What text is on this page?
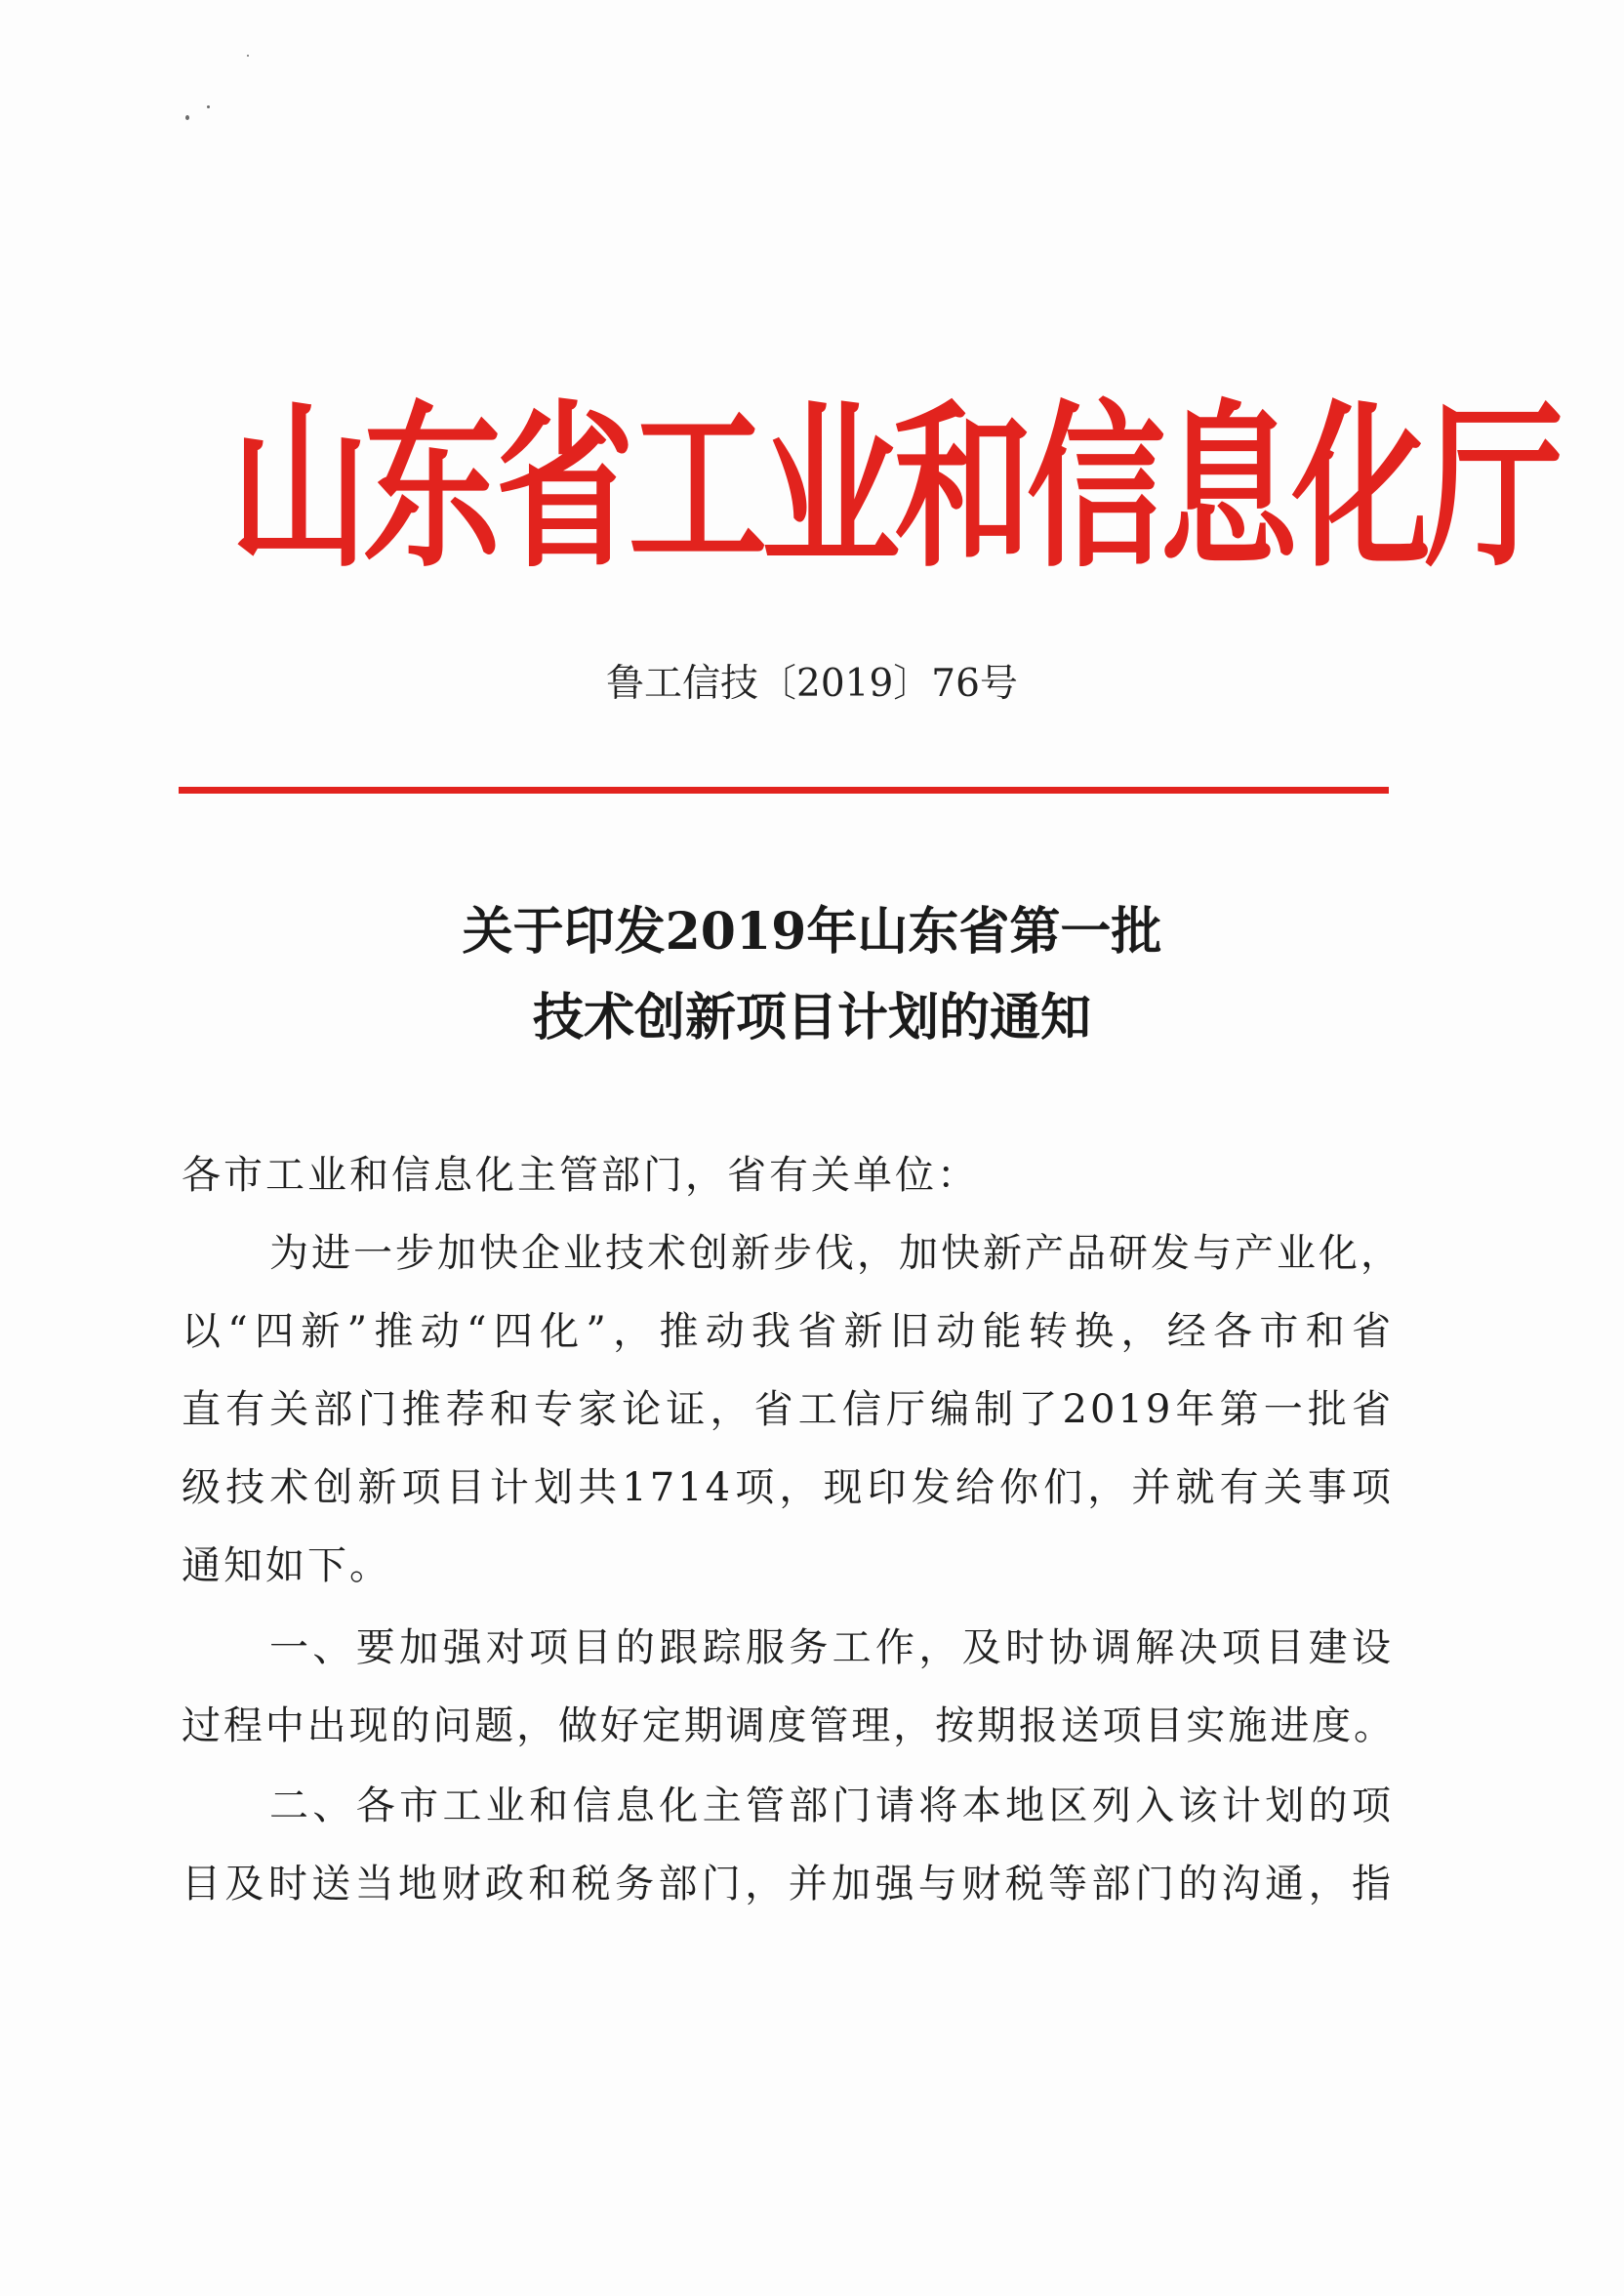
山东省工业和信息化厅
鲁工信技〔2019〕76号
关于印发2019年山东省第一批
技术创新项目计划的通知
各市工业和信息化主管部门，省有关单位：
为进一步加快企业技术创新步伐，加快新产品研发与产业化，
以“四新”推动“四化”，推动我省新旧动能转换，经各市和省
直有关部门推荐和专家论证，省工信厅编制了2019年第一批省
级技术创新项目计划共1714项，现印发给你们，并就有关事项
通知如下。
一、要加强对项目的跟踪服务工作，及时协调解决项目建设
过程中出现的问题，做好定期调度管理，按期报送项目实施进度。
二、各市工业和信息化主管部门请将本地区列入该计划的项
目及时送当地财政和税务部门，并加强与财税等部门的沟通，指
